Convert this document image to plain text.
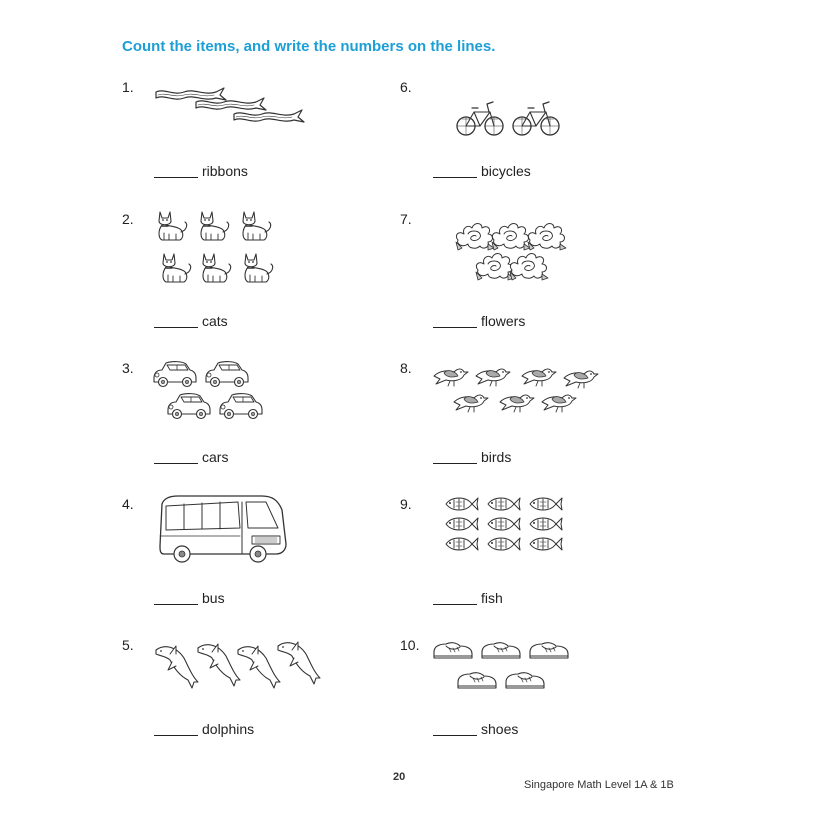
Count the items, and write the numbers on the lines.
1.
ribbons
2.
cats
3.
cars
4.
bus
5.
dolphins
6.
bicycles
7.
flowers
8.
birds
9.
fish
10.
shoes
20
Singapore Math Level 1A & 1B
